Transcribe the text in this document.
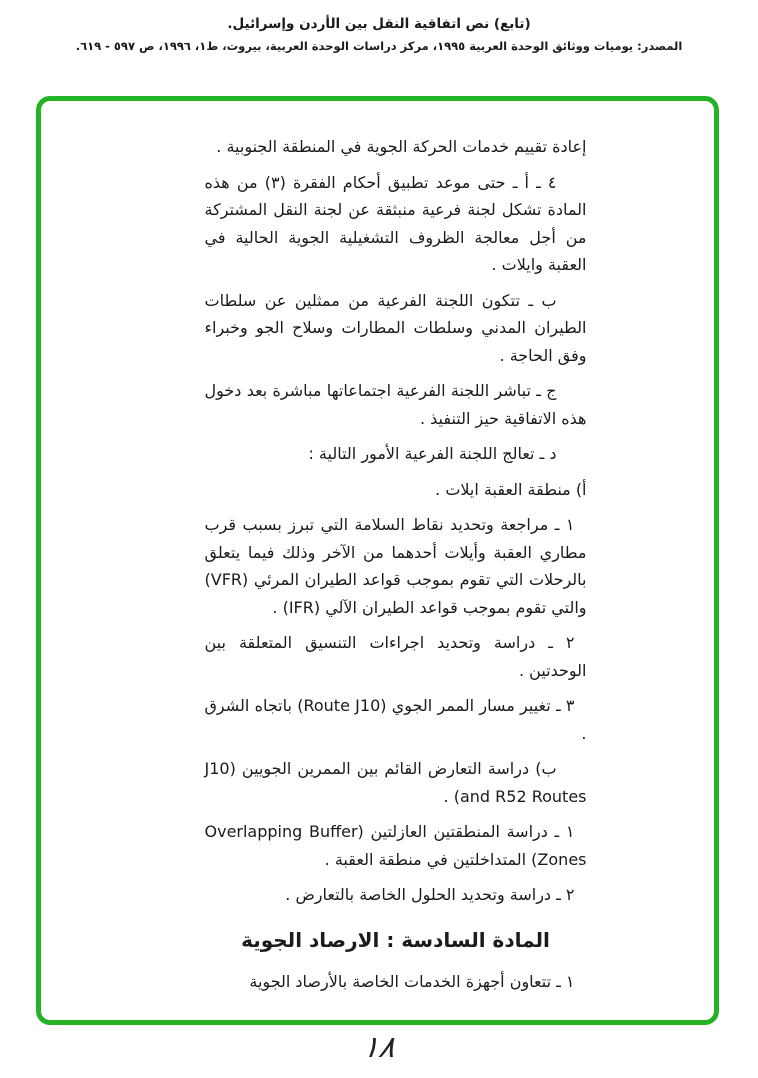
(تابع) نص اتفاقية النقل بين الأردن وإسرائيل.
المصدر: يوميات ووثائق الوحدة العربية ١٩٩٥، مركز دراسات الوحدة العربية، بيروت، ط١، ١٩٩٦، ص ٥٩٧ - ٦١٩.

إعادة تقييم خدمات الحركة الجوية في المنطقة الجنوبية .

٤ ـ أ ـ حتى موعد تطبيق أحكام الفقرة (٣) من هذه المادة تشكل لجنة فرعية منبثقة عن لجنة النقل المشتركة من أجل معالجة الظروف التشغيلية الجوية الحالية في العقبة وايلات .

ب ـ تتكون اللجنة الفرعية من ممثلين عن سلطات الطيران المدني وسلطات المطارات وسلاح الجو وخبراء وفق الحاجة .

ج ـ تباشر اللجنة الفرعية اجتماعاتها مباشرة بعد دخول هذه الاتفاقية حيز التنفيذ .

د ـ تعالج اللجنة الفرعية الأمور التالية :

أ) منطقة العقبة ايلات .

١ ـ مراجعة وتحديد نقاط السلامة التي تبرز بسبب قرب مطاري العقبة وأيلات أحدهما من الآخر وذلك فيما يتعلق بالرحلات التي تقوم بموجب قواعد الطيران المرئي (VFR) والتي تقوم بموجب قواعد الطيران الآلي (IFR) .

٢ ـ دراسة وتحديد اجراءات التنسيق المتعلقة بين الوحدتين .

٣ ـ تغيير مسار الممر الجوي (Route J10) باتجاه الشرق .

ب) دراسة التعارض القائم بين الممرين الجويين (J10 and R52 Routes) .

١ ـ دراسة المنطقتين العازلتين (Overlapping Buffer Zones) المتداخلتين في منطقة العقبة .

٢ ـ دراسة وتحديد الحلول الخاصة بالتعارض .

المادة السادسة : الارصاد الجوية

١ ـ تتعاون أجهزة الخدمات الخاصة بالأرصاد الجوية

١٨
